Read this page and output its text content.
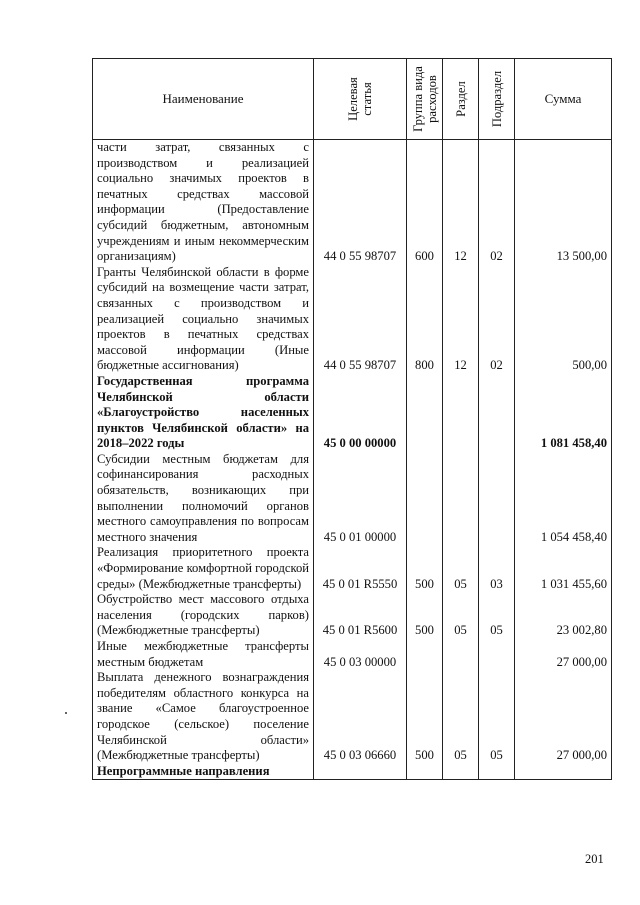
Наименование	Целевая статья	Группа вида расходов	Раздел	Подраздел	Сумма
части затрат, связанных с производством и реализацией социально значимых проектов в печатных средствах массовой информации (Предоставление субсидий бюджетным, автономным учреждениям и иным некоммерческим организациям)	44 0 55 98707	600	12	02	13 500,00
Гранты Челябинской области в форме субсидий на возмещение части затрат, связанных с производством и реализацией социально значимых проектов в печатных средствах массовой информации (Иные бюджетные ассигнования)	44 0 55 98707	800	12	02	500,00
Государственная программа Челябинской области «Благоустройство населенных пунктов Челябинской области» на 2018–2022 годы	45 0 00 00000				1 081 458,40
Субсидии местным бюджетам для софинансирования расходных обязательств, возникающих при выполнении полномочий органов местного самоуправления по вопросам местного значения	45 0 01 00000				1 054 458,40
Реализация приоритетного проекта «Формирование комфортной городской среды» (Межбюджетные трансферты)	45 0 01 R5550	500	05	03	1 031 455,60
Обустройство мест массового отдыха населения (городских парков) (Межбюджетные трансферты)	45 0 01 R5600	500	05	05	23 002,80
Иные межбюджетные трансферты местным бюджетам	45 0 03 00000				27 000,00
Выплата денежного вознаграждения победителям областного конкурса на звание «Самое благоустроенное городское (сельское) поселение Челябинской области» (Межбюджетные трансферты)	45 0 03 06660	500	05	05	27 000,00
Непрограммные направления					
201
